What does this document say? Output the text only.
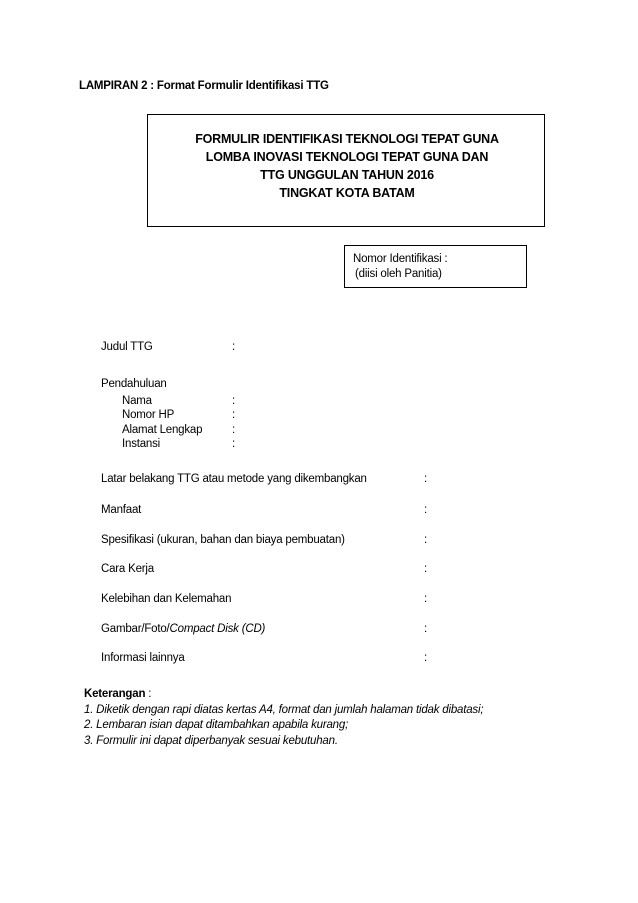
LAMPIRAN 2 : Format Formulir Identifikasi TTG
FORMULIR IDENTIFIKASI TEKNOLOGI TEPAT GUNA
LOMBA INOVASI TEKNOLOGI TEPAT GUNA DAN
TTG UNGGULAN TAHUN 2016
TINGKAT KOTA BATAM
Nomor Identifikasi :
(diisi oleh Panitia)
Judul TTG	:
Pendahuluan
Nama	:
Nomor HP	:
Alamat Lengkap	:
Instansi	:
Latar belakang TTG atau metode yang dikembangkan	:
Manfaat	:
Spesifikasi (ukuran, bahan dan biaya pembuatan)	:
Cara Kerja	:
Kelebihan dan Kelemahan	:
Gambar/Foto/Compact Disk (CD)	:
Informasi lainnya	:
Keterangan :
1. Diketik dengan rapi diatas kertas A4, format dan jumlah halaman tidak dibatasi;
2. Lembaran isian dapat ditambahkan apabila kurang;
3. Formulir ini dapat diperbanyak sesuai kebutuhan.
